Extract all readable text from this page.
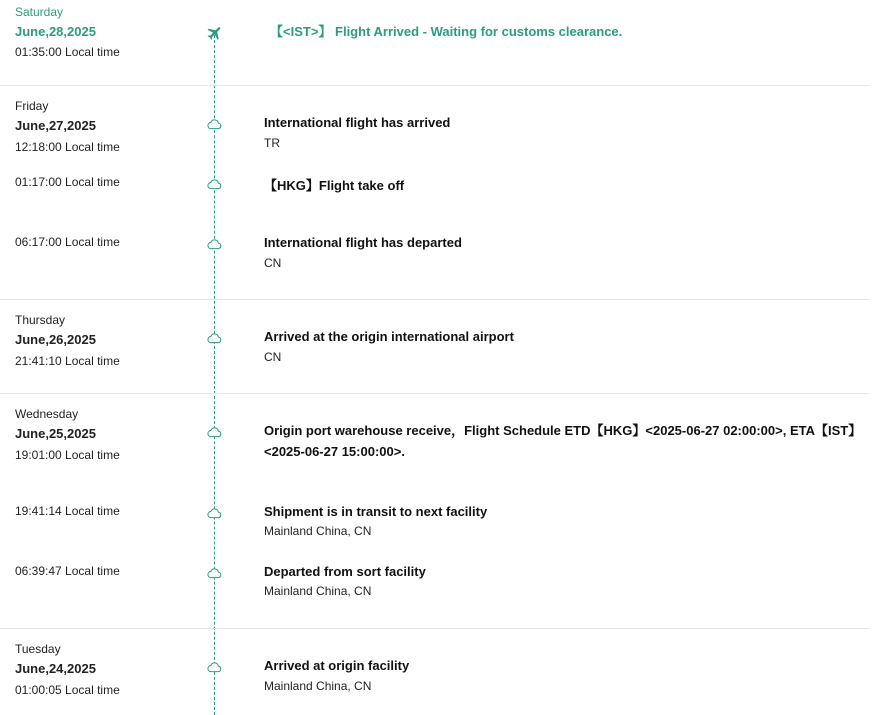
Saturday
June,28,2025
01:35:00 Local time
【<IST>】 Flight Arrived - Waiting for customs clearance.
Friday
June,27,2025
12:18:00 Local time
International flight has arrived
TR
01:17:00 Local time	【HKG】Flight take off
06:17:00 Local time	International flight has departed
CN
Thursday
June,26,2025
21:41:10 Local time
Arrived at the origin international airport
CN
Wednesday
June,25,2025
19:01:00 Local time
Origin port warehouse receive，Flight Schedule ETD【HKG】<2025-06-27 02:00:00>, ETA【IST】<2025-06-27 15:00:00>.
19:41:14 Local time	Shipment is in transit to next facility
Mainland China, CN
06:39:47 Local time	Departed from sort facility
Mainland China, CN
Tuesday
June,24,2025
01:00:05 Local time
Arrived at origin facility
Mainland China, CN
